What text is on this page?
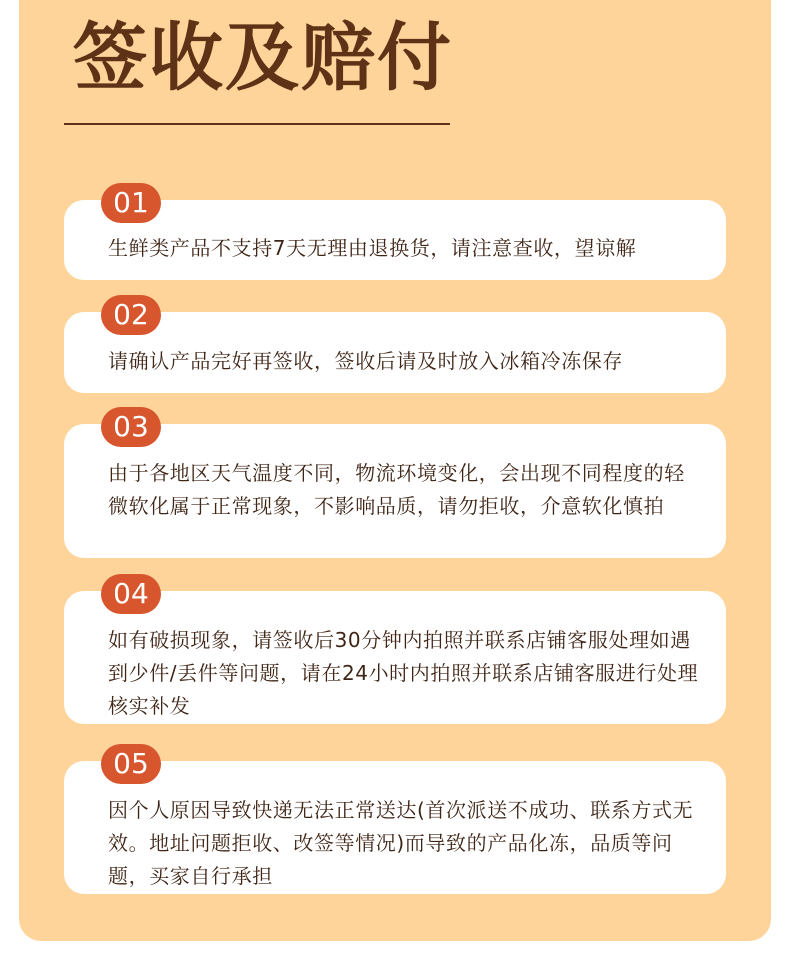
签收及赔付
生鲜类产品不支持7天无理由退换货，请注意查收，望谅解
01
请确认产品完好再签收，签收后请及时放入冰箱冷冻保存
02
由于各地区天气温度不同，物流环境变化，会出现不同程度的轻微软化属于正常现象，不影响品质，请勿拒收，介意软化慎拍
03
如有破损现象，请签收后30分钟内拍照并联系店铺客服处理如遇到少件/丢件等问题，请在24小时内拍照并联系店铺客服进行处理核实补发
04
因个人原因导致快递无法正常送达(首次派送不成功、联系方式无效。地址问题拒收、改签等情况)而导致的产品化冻，品质等问题，买家自行承担
05
